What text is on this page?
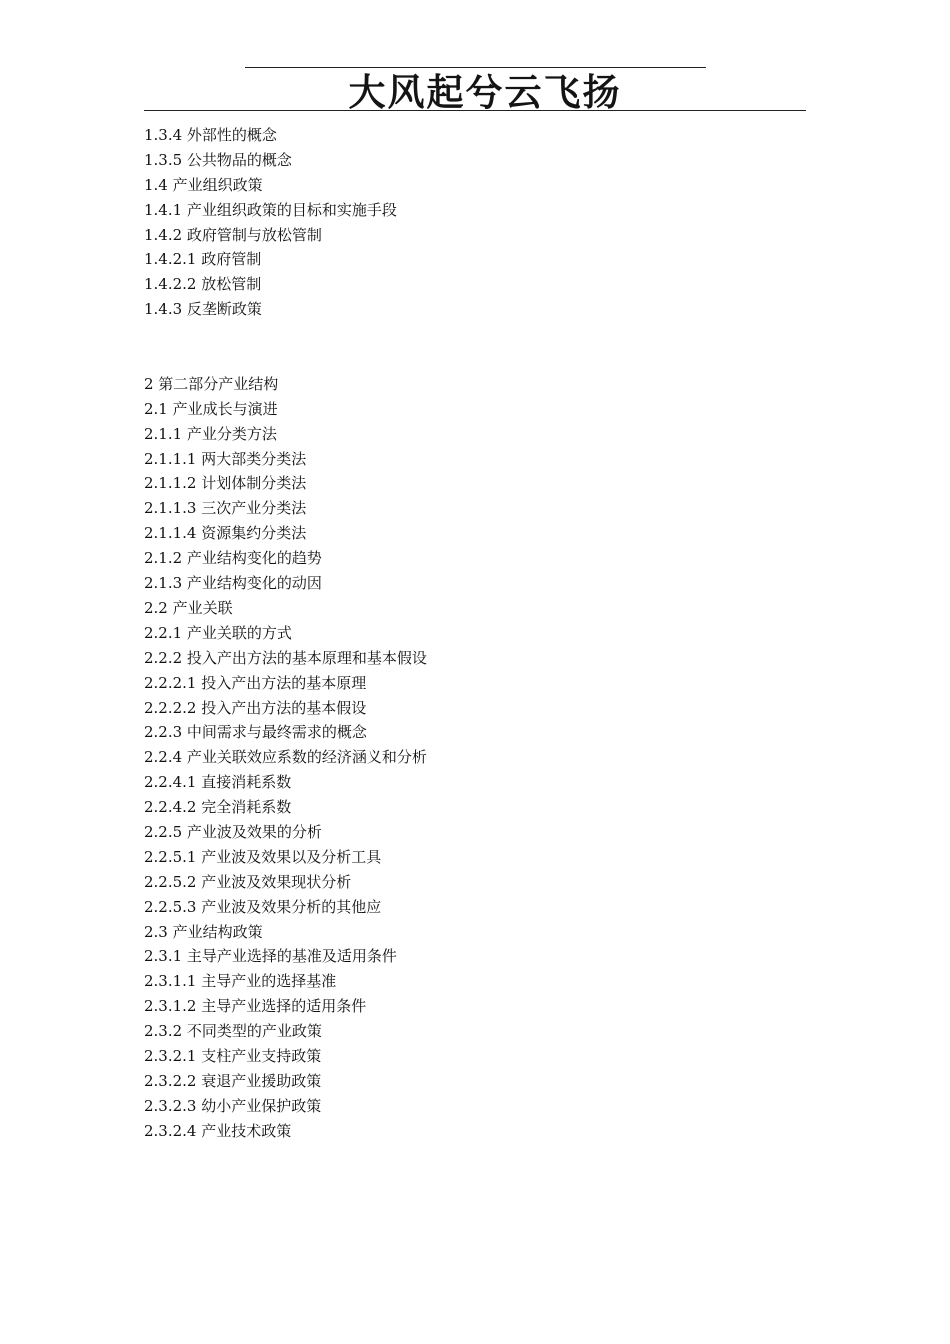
大风起兮云飞扬
1.3.4 外部性的概念
1.3.5 公共物品的概念
1.4 产业组织政策
1.4.1 产业组织政策的目标和实施手段
1.4.2 政府管制与放松管制
1.4.2.1 政府管制
1.4.2.2 放松管制
1.4.3 反垄断政策
2 第二部分产业结构
2.1 产业成长与演进
2.1.1 产业分类方法
2.1.1.1 两大部类分类法
2.1.1.2 计划体制分类法
2.1.1.3 三次产业分类法
2.1.1.4 资源集约分类法
2.1.2 产业结构变化的趋势
2.1.3 产业结构变化的动因
2.2 产业关联
2.2.1 产业关联的方式
2.2.2 投入产出方法的基本原理和基本假设
2.2.2.1 投入产出方法的基本原理
2.2.2.2 投入产出方法的基本假设
2.2.3 中间需求与最终需求的概念
2.2.4 产业关联效应系数的经济涵义和分析
2.2.4.1 直接消耗系数
2.2.4.2 完全消耗系数
2.2.5 产业波及效果的分析
2.2.5.1 产业波及效果以及分析工具
2.2.5.2 产业波及效果现状分析
2.2.5.3 产业波及效果分析的其他应
2.3 产业结构政策
2.3.1 主导产业选择的基准及适用条件
2.3.1.1 主导产业的选择基准
2.3.1.2 主导产业选择的适用条件
2.3.2 不同类型的产业政策
2.3.2.1 支柱产业支持政策
2.3.2.2 衰退产业援助政策
2.3.2.3 幼小产业保护政策
2.3.2.4 产业技术政策
